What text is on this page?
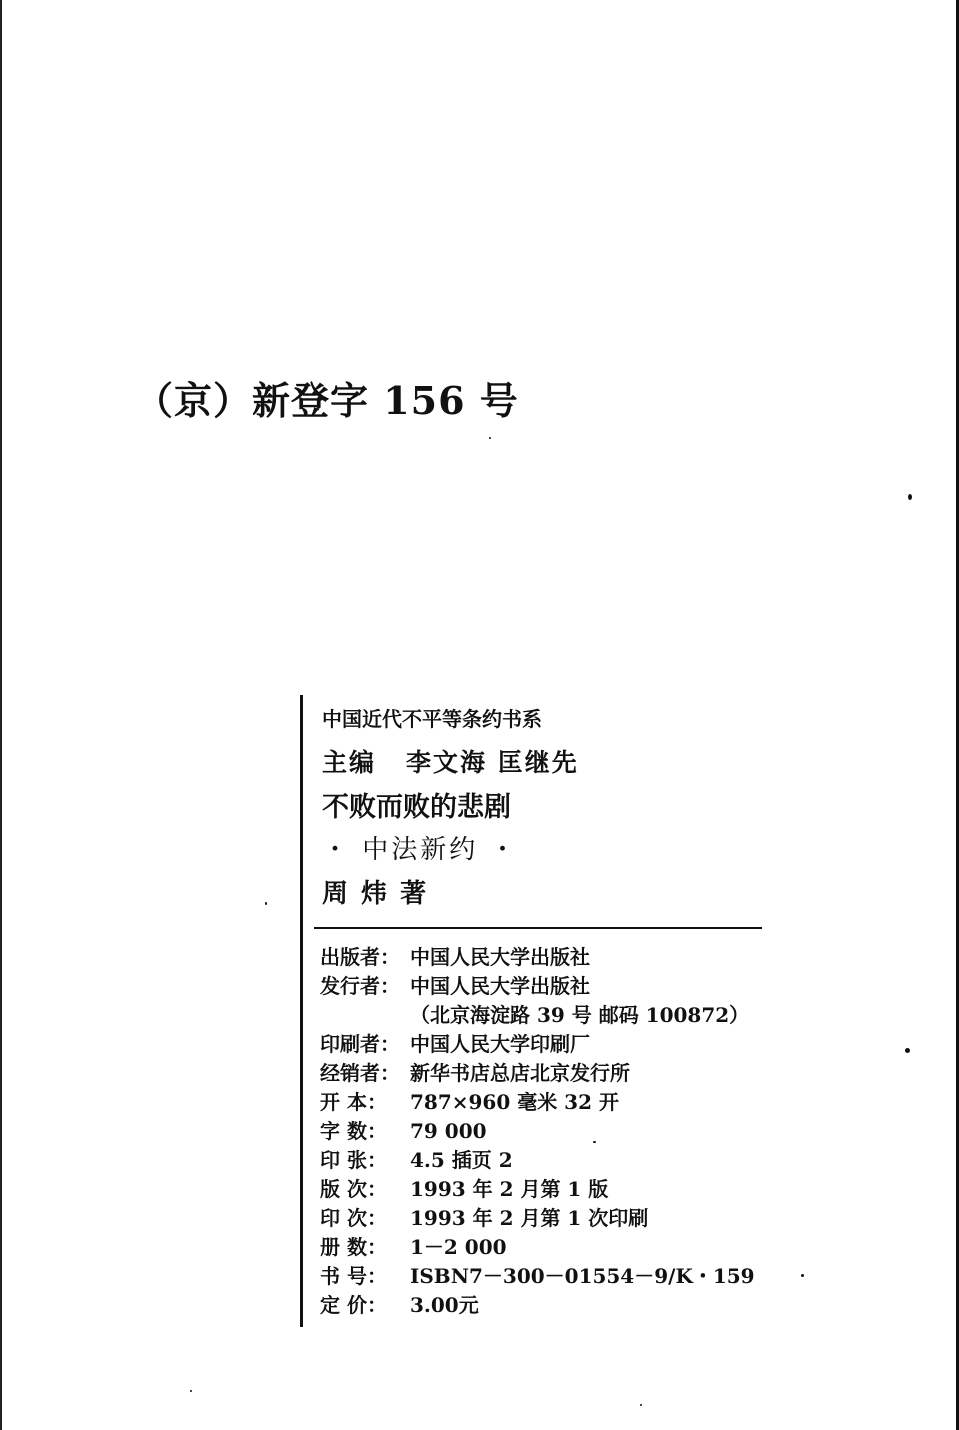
（京）新登字 156 号
中国近代不平等条约书系
主编 李文海 匡继先
不败而败的悲剧
・ 中法新约 ・
周 炜 著
出版者： 中国人民大学出版社
发行者： 中国人民大学出版社
（北京海淀路 39 号 邮码 100872）
印刷者： 中国人民大学印刷厂
经销者： 新华书店总店北京发行所
开 本： 787×960 毫米 32 开
字 数： 79 000
印 张： 4.5 插页 2
版 次： 1993 年 2 月第 1 版
印 次： 1993 年 2 月第 1 次印刷
册 数： 1－2 000
书 号： ISBN7－300－01554－9/K・159
定 价： 3.00元
